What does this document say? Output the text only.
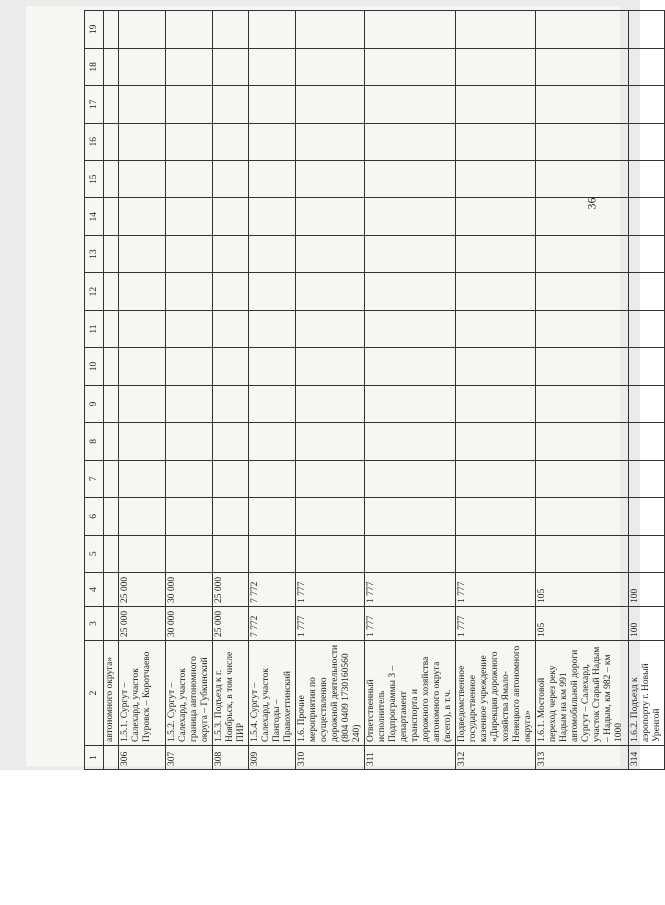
36
1	2	3	4	5	6	7	8	9	10	11	12	13	14	15	16	17	18	19
	автономного округа»																	
306	1.5.1. Сургут – Салехард, участок Пуровск – Коротчаево	25 000	25 000															
307	1.5.2. Сургут – Салехард, участок граница автономного округа – Губкинский	30 000	30 000															
308	1.5.3. Подъезд к г. Ноябрьск, в том числе ПИР	25 000	25 000															
309	1.5.4. Сургут – Салехард, участок Пангоды – Правохеттинский	7 772	7 772															
310	1.6. Прочие мероприятия по осуществлению дорожной деятельности (804 0409 1730160560 240)	1 777	1 777															
311	Ответственный исполнитель Подпрограммы 3 – департамент транспорта и дорожного хозяйства автономного округа (всего), в т.ч.	1 777	1 777															
312	Подведомственное государственное казенное учреждение «Дирекция дорожного хозяйства Ямало-Ненецкого автономного округа»	1 777	1 777															
313	1.6.1. Мостовой переход через реку Надым на км 991 автомобильной дороги Сургут – Салехард, участок Старый Надым – Надым, км 982 – км 1000	105	105															
314	1.6.2. Подъезд к аэропорту г. Новый Уренгой	100	100															
